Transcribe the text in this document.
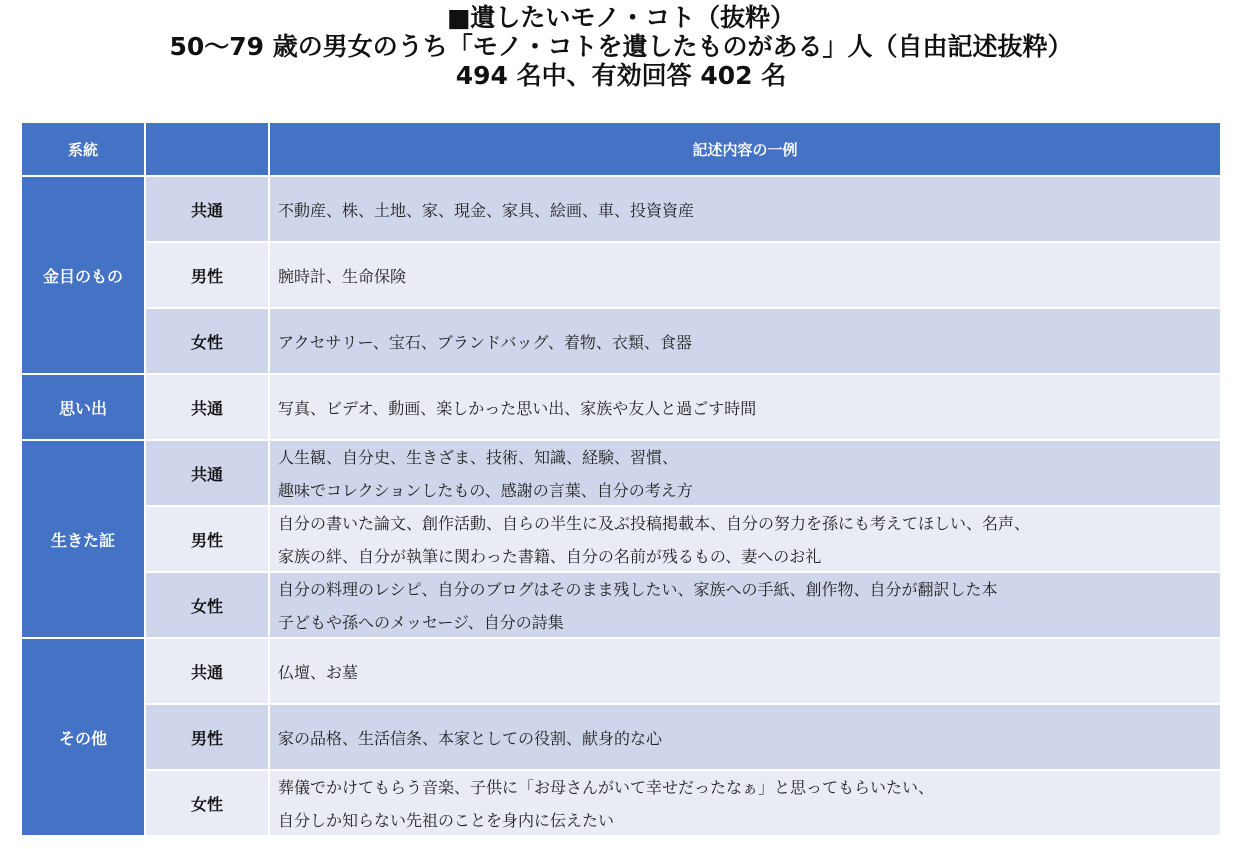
■遺したいモノ・コト（抜粋）
50～79 歳の男女のうち「モノ・コトを遺したものがある」人（自由記述抜粋）
494 名中、有効回答 402 名
系統		記述内容の一例
金目のもの	共通	不動産、株、土地、家、現金、家具、絵画、車、投資資産

	男性	腕時計、生命保険

	女性	アクセサリー、宝石、ブランドバッグ、着物、衣類、食器

思い出	共通	写真、ビデオ、動画、楽しかった思い出、家族や友人と過ごす時間

生きた証	共通	人生観、自分史、生きざま、技術、知識、経験、習慣、
趣味でコレクションしたもの、感謝の言葉、自分の考え方

	男性	自分の書いた論文、創作活動、自らの半生に及ぶ投稿掲載本、自分の努力を孫にも考えてほしい、名声、
家族の絆、自分が執筆に関わった書籍、自分の名前が残るもの、妻へのお礼

	女性	自分の料理のレシピ、自分のブログはそのまま残したい、家族への手紙、創作物、自分が翻訳した本
子どもや孫へのメッセージ、自分の詩集

その他	共通	仏壇、お墓

	男性	家の品格、生活信条、本家としての役割、献身的な心

	女性	葬儀でかけてもらう音楽、子供に「お母さんがいて幸せだったなぁ」と思ってもらいたい、
自分しか知らない先祖のことを身内に伝えたい
